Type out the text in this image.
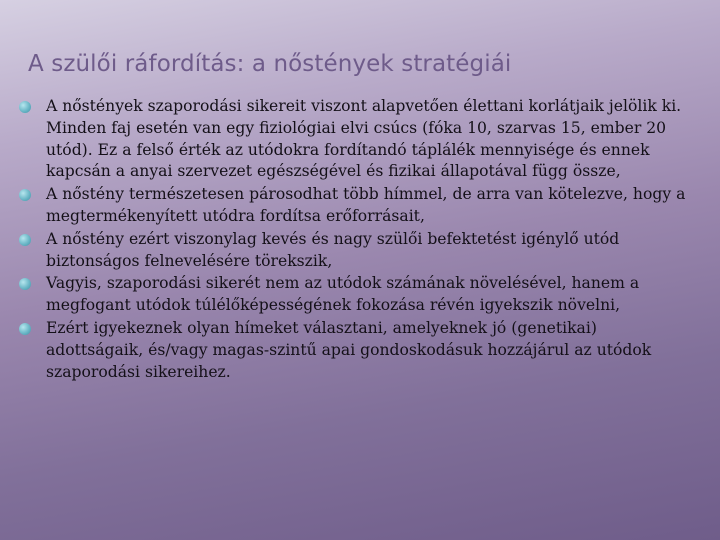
A szülői ráfordítás: a nőstények stratégiái
A nőstények szaporodási sikereit viszont alapvetően élettani korlátjaik jelölik ki. Minden faj esetén van egy fiziológiai elvi csúcs (fóka 10, szarvas 15, ember 20 utód). Ez a felső érték az utódokra fordítandó táplálék mennyisége és ennek kapcsán a anyai szervezet egészségével és fizikai állapotával függ össze,
A nőstény természetesen párosodhat több hímmel, de arra van kötelezve, hogy a megtermékenyített utódra fordítsa erőforrásait,
A nőstény ezért viszonylag kevés és nagy szülői befektetést igénylő utód biztonságos felnevelésére törekszik,
Vagyis, szaporodási sikerét nem az utódok számának növelésével, hanem a megfogant utódok túlélőképességének fokozása révén igyekszik növelni,
Ezért igyekeznek olyan hímeket választani, amelyeknek jó (genetikai) adottságaik, és/vagy magas-szintű apai gondoskodásuk hozzájárul az utódok szaporodási sikereihez.
